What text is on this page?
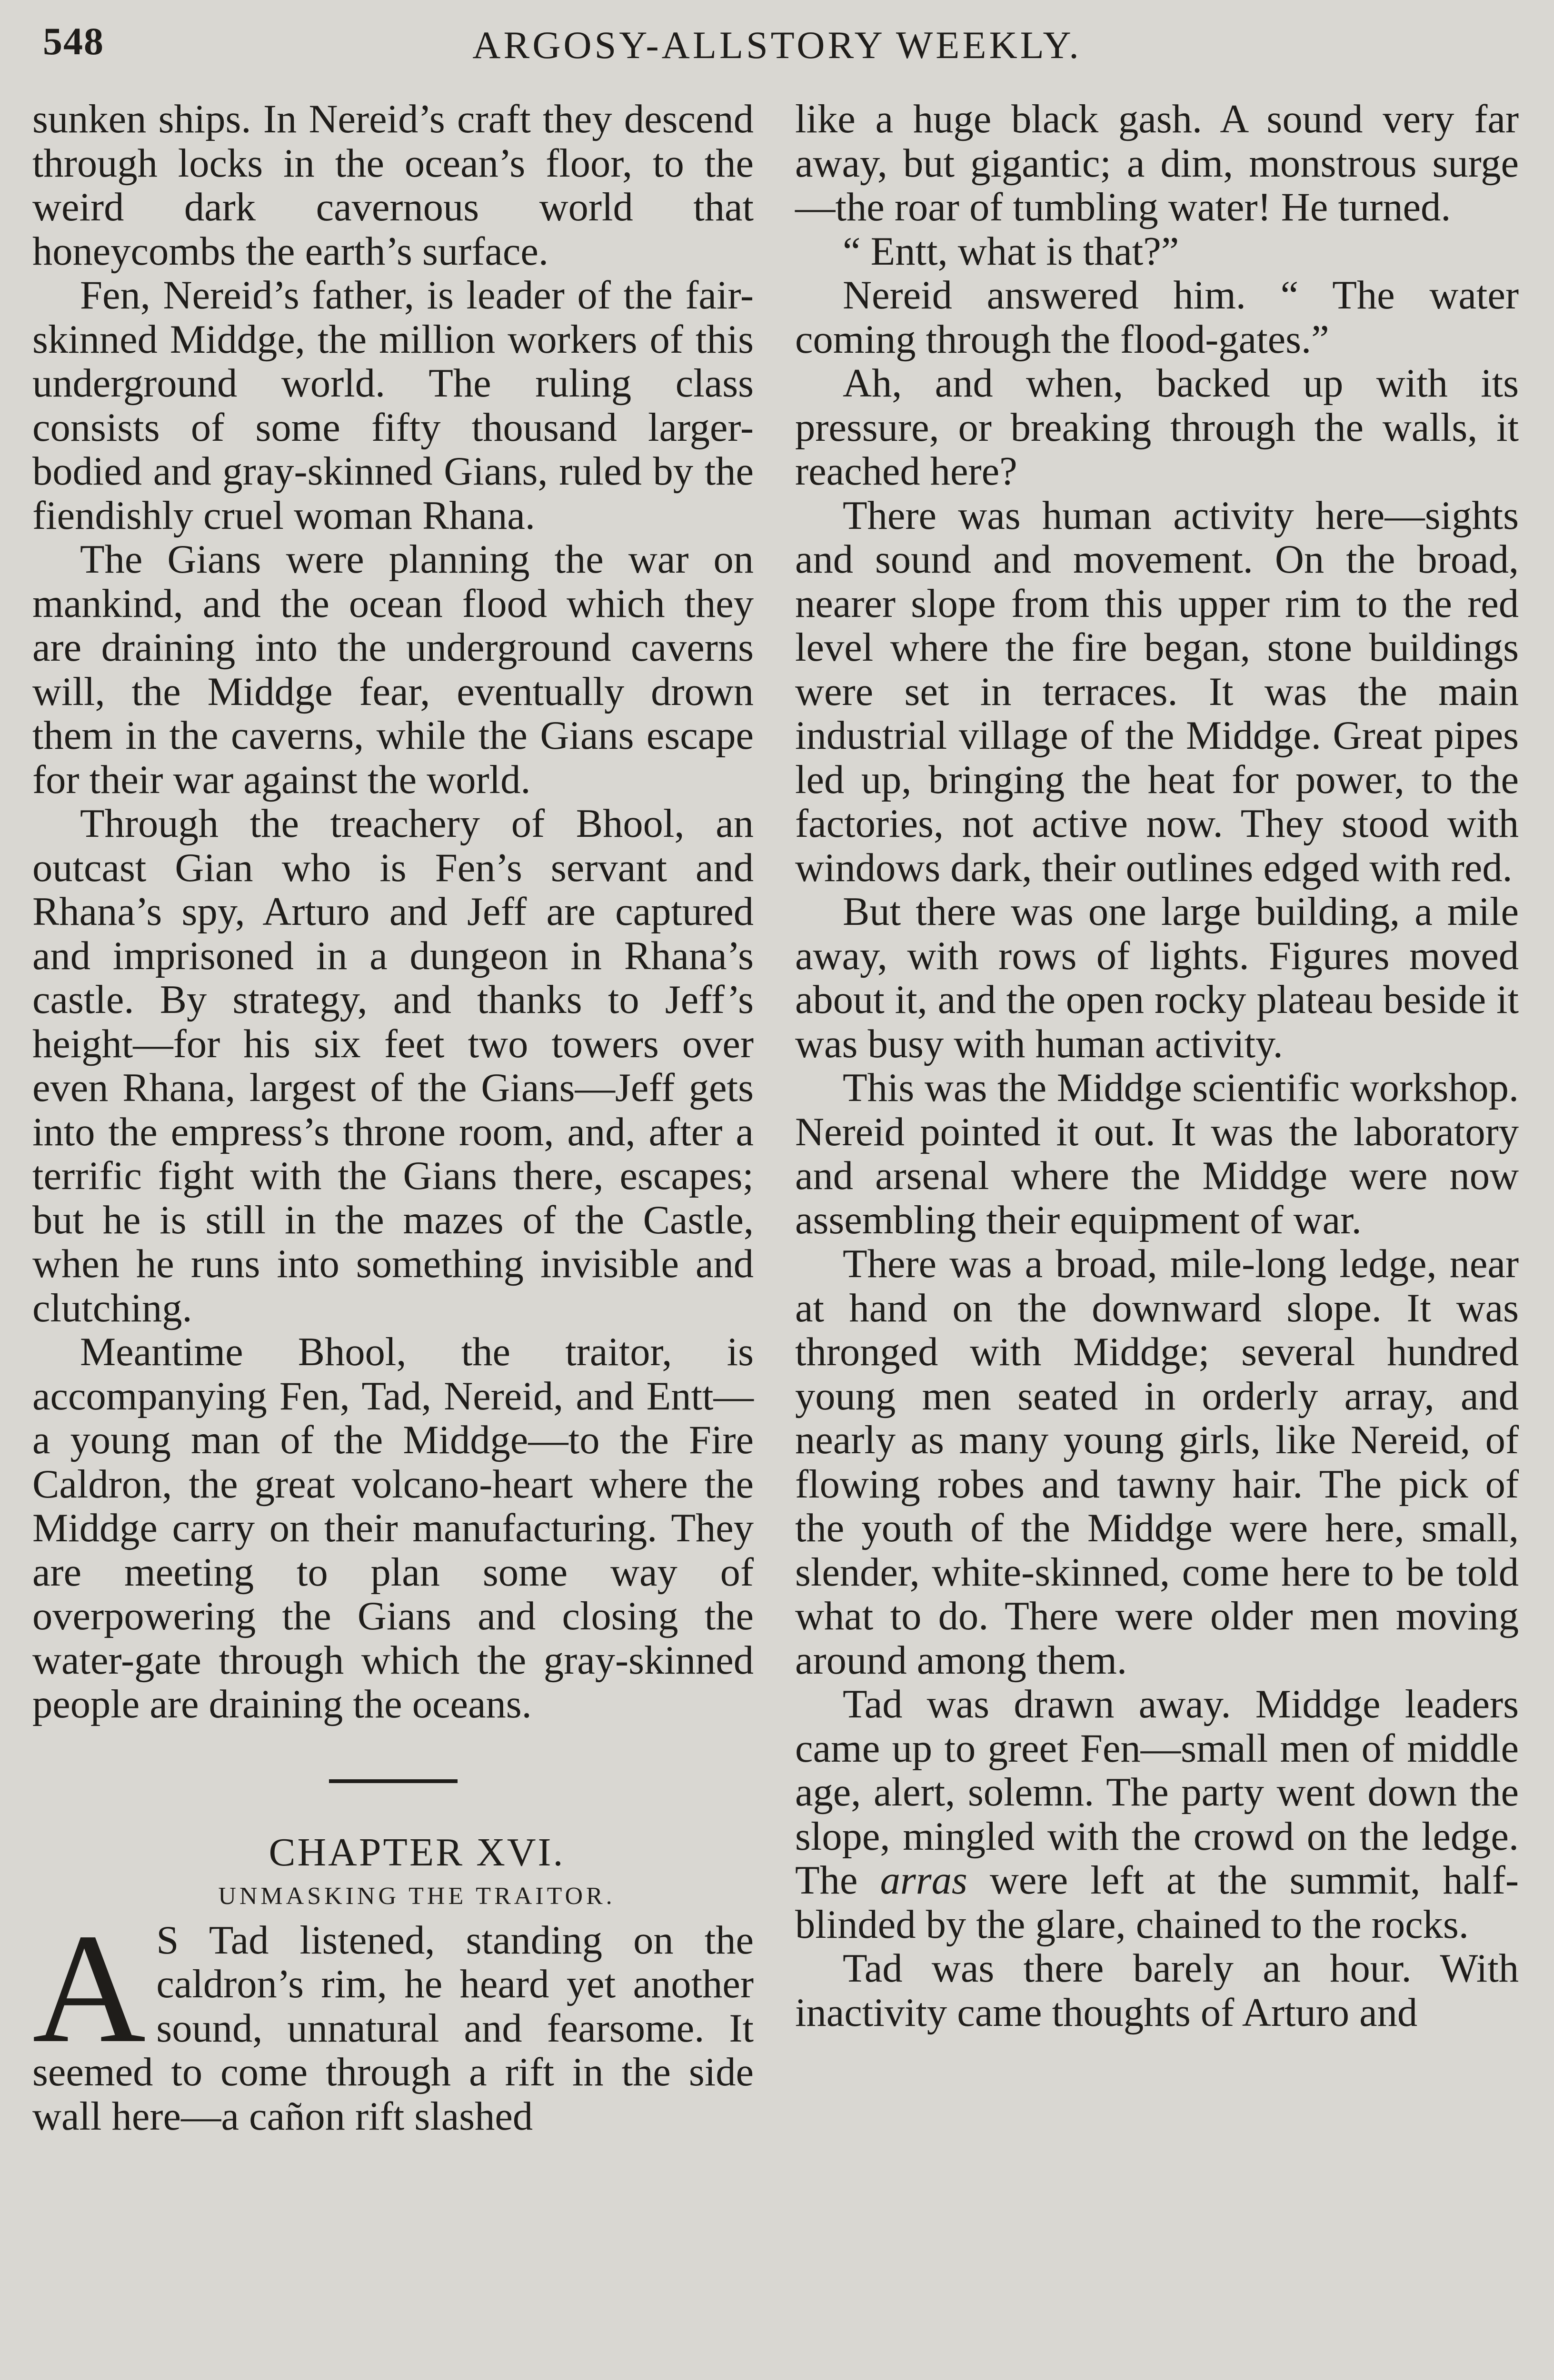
548	ARGOSY-ALLSTORY WEEKLY.

sunken ships. In Nereid’s craft they descend through locks in the ocean’s floor, to the weird dark cavernous world that honeycombs the earth’s surface.

Fen, Nereid’s father, is leader of the fair-skinned Middge, the million workers of this underground world. The ruling class consists of some fifty thousand larger-bodied and gray-skinned Gians, ruled by the fiendishly cruel woman Rhana.

The Gians were planning the war on mankind, and the ocean flood which they are draining into the underground caverns will, the Middge fear, eventually drown them in the caverns, while the Gians escape for their war against the world.

Through the treachery of Bhool, an outcast Gian who is Fen’s servant and Rhana’s spy, Arturo and Jeff are captured and imprisoned in a dungeon in Rhana’s castle. By strategy, and thanks to Jeff’s height—for his six feet two towers over even Rhana, largest of the Gians—Jeff gets into the empress’s throne room, and, after a terrific fight with the Gians there, escapes; but he is still in the mazes of the Castle, when he runs into something invisible and clutching.

Meantime Bhool, the traitor, is accompanying Fen, Tad, Nereid, and Entt—a young man of the Middge—to the Fire Caldron, the great volcano-heart where the Middge carry on their manufacturing. They are meeting to plan some way of overpowering the Gians and closing the water-gate through which the gray-skinned people are draining the oceans.

CHAPTER XVI.

UNMASKING THE TRAITOR.

A S Tad listened, standing on the caldron’s rim, he heard yet another sound, unnatural and fearsome. It seemed to come through a rift in the side wall here—a cañon rift slashed

like a huge black gash. A sound very far away, but gigantic; a dim, monstrous surge—the roar of tumbling water! He turned.

“ Entt, what is that?”

Nereid answered him. “ The water coming through the flood-gates.”

Ah, and when, backed up with its pressure, or breaking through the walls, it reached here?

There was human activity here—sights and sound and movement. On the broad, nearer slope from this upper rim to the red level where the fire began, stone buildings were set in terraces. It was the main industrial village of the Middge. Great pipes led up, bringing the heat for power, to the factories, not active now. They stood with windows dark, their outlines edged with red.

But there was one large building, a mile away, with rows of lights. Figures moved about it, and the open rocky plateau beside it was busy with human activity.

This was the Middge scientific workshop. Nereid pointed it out. It was the laboratory and arsenal where the Middge were now assembling their equipment of war.

There was a broad, mile-long ledge, near at hand on the downward slope. It was thronged with Middge; several hundred young men seated in orderly array, and nearly as many young girls, like Nereid, of flowing robes and tawny hair. The pick of the youth of the Middge were here, small, slender, white-skinned, come here to be told what to do. There were older men moving around among them.

Tad was drawn away. Middge leaders came up to greet Fen—small men of middle age, alert, solemn. The party went down the slope, mingled with the crowd on the ledge. The arras were left at the summit, half-blinded by the glare, chained to the rocks.

Tad was there barely an hour. With inactivity came thoughts of Arturo and
